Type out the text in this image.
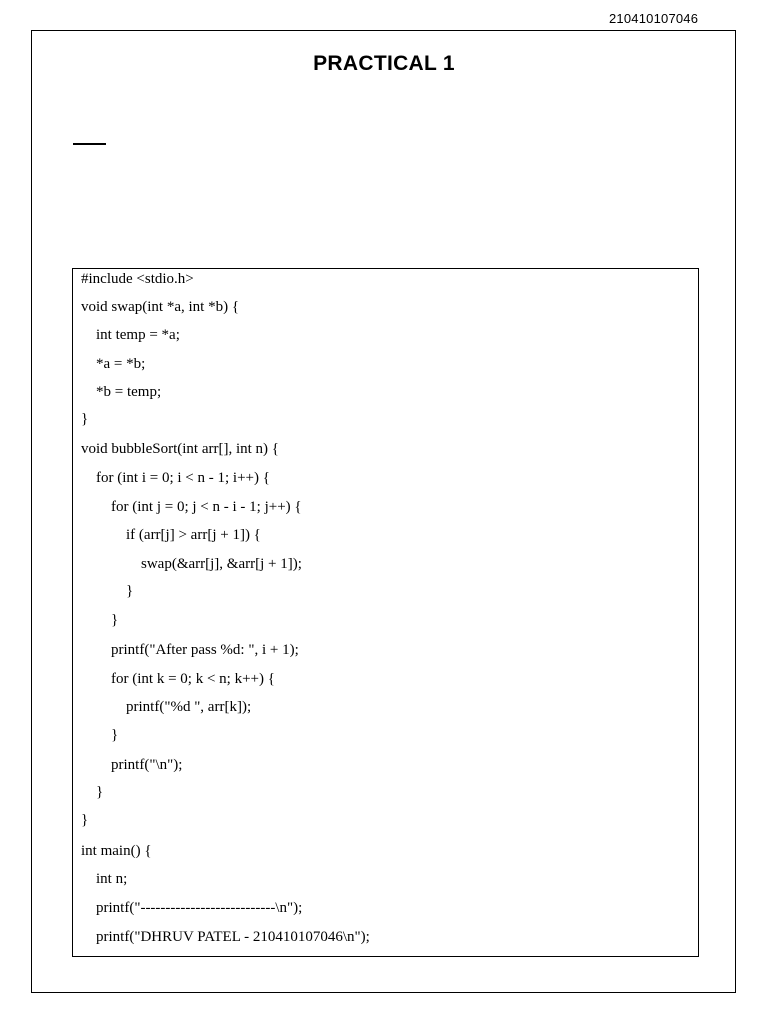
210410107046
PRACTICAL 1
#include <stdio.h>
void swap(int *a, int *b) {
int temp = *a;
*a = *b;
*b = temp;
}
void bubbleSort(int arr[], int n) {
for (int i = 0; i < n - 1; i++) {
for (int j = 0; j < n - i - 1; j++) {
if (arr[j] > arr[j + 1]) {
swap(&arr[j], &arr[j + 1]);
}
}
printf("After pass %d: ", i + 1);
for (int k = 0; k < n; k++) {
printf("%d ", arr[k]);
}
printf("\n");
}
}
int main() {
int n;
printf("---------------------------\n");
printf("DHRUV PATEL - 210410107046\n");
